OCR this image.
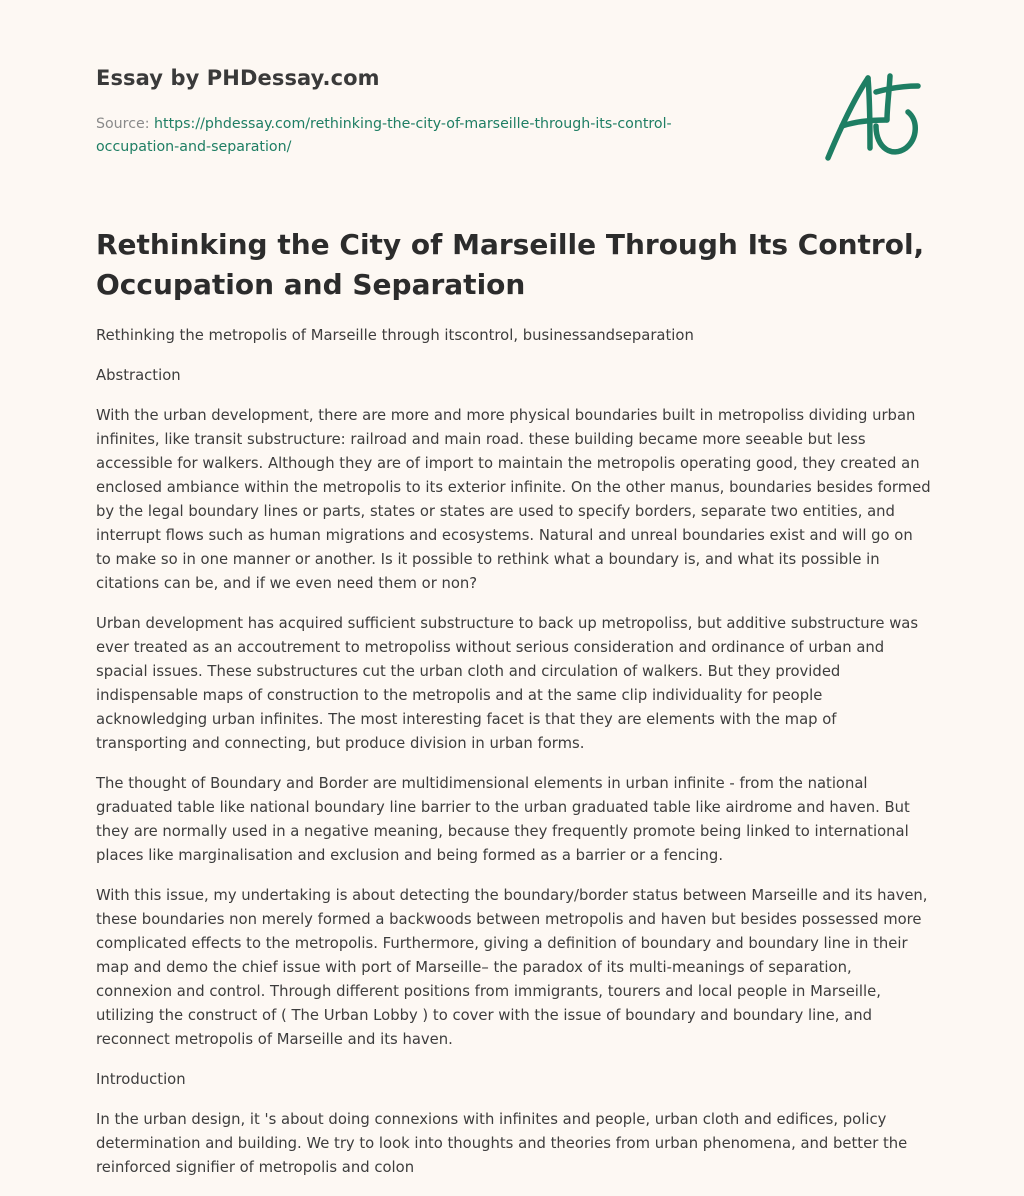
Essay by PHDessay.com
Source: https://phdessay.com/rethinking-the-city-of-marseille-through-its-control-occupation-and-separation/
Rethinking the City of Marseille Through Its Control, Occupation and Separation

Rethinking the metropolis of Marseille through itscontrol, businessandseparation

Abstraction

With the urban development, there are more and more physical boundaries built in metropoliss dividing urban infinites, like transit substructure: railroad and main road. these building became more seeable but less accessible for walkers. Although they are of import to maintain the metropolis operating good, they created an enclosed ambiance within the metropolis to its exterior infinite. On the other manus, boundaries besides formed by the legal boundary lines or parts, states or states are used to specify borders, separate two entities, and interrupt flows such as human migrations and ecosystems. Natural and unreal boundaries exist and will go on to make so in one manner or another. Is it possible to rethink what a boundary is, and what its possible in citations can be, and if we even need them or non?

Urban development has acquired sufficient substructure to back up metropoliss, but additive substructure was ever treated as an accoutrement to metropoliss without serious consideration and ordinance of urban and spacial issues. These substructures cut the urban cloth and circulation of walkers. But they provided indispensable maps of construction to the metropolis and at the same clip individuality for people acknowledging urban infinites. The most interesting facet is that they are elements with the map of transporting and connecting, but produce division in urban forms.

The thought of Boundary and Border are multidimensional elements in urban infinite - from the national graduated table like national boundary line barrier to the urban graduated table like airdrome and haven. But they are normally used in a negative meaning, because they frequently promote being linked to international places like marginalisation and exclusion and being formed as a barrier or a fencing.

With this issue, my undertaking is about detecting the boundary/border status between Marseille and its haven, these boundaries non merely formed a backwoods between metropolis and haven but besides possessed more complicated effects to the metropolis. Furthermore, giving a definition of boundary and boundary line in their map and demo the chief issue with port of Marseille– the paradox of its multi-meanings of separation, connexion and control. Through different positions from immigrants, tourers and local people in Marseille, utilizing the construct of ( The Urban Lobby ) to cover with the issue of boundary and boundary line, and reconnect metropolis of Marseille and its haven.

Introduction

In the urban design, it 's about doing connexions with infinites and people, urban cloth and edifices, policy determination and building. We try to look into thoughts and theories from urban phenomena, and better the reinforced signifier of metropolis and colon
